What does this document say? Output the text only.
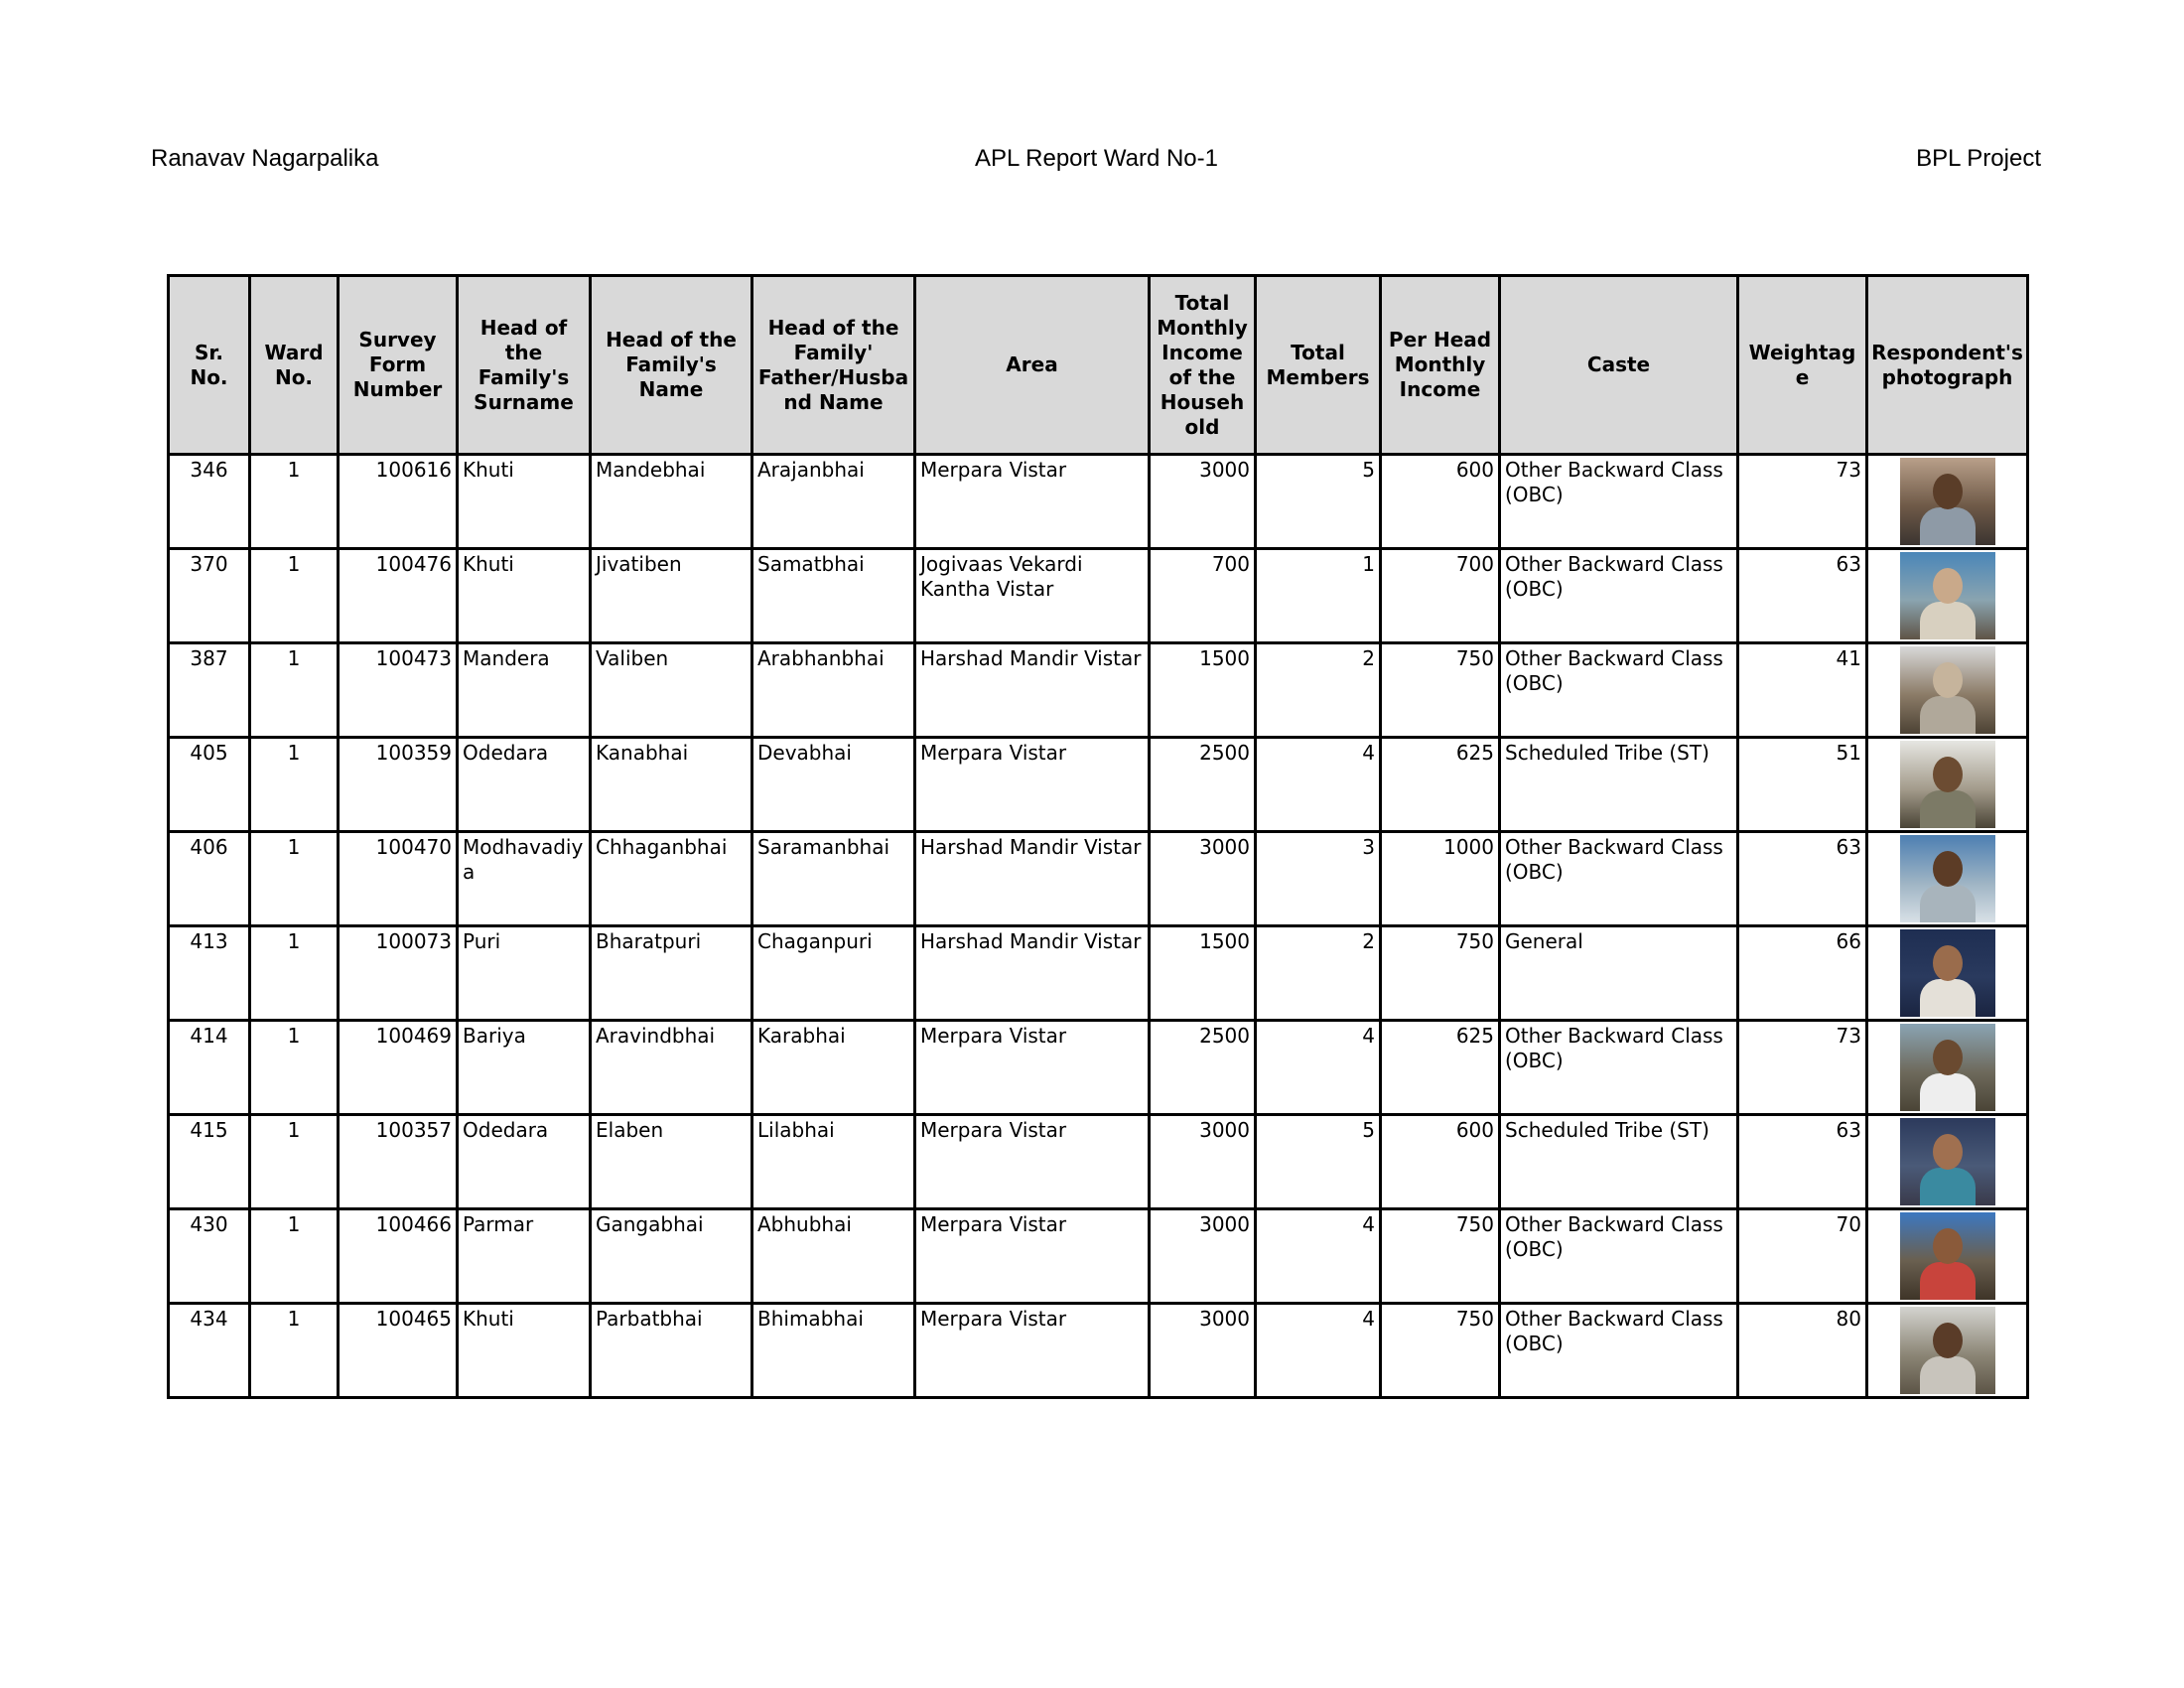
Ranavav Nagarpalika	APL Report Ward No-1	BPL Project
Sr. No.	Ward No.	Survey Form Number	Head of the Family's Surname	Head of the Family's Name	Head of the Family' Father/Husband Name	Area	Total Monthly Income of the Household	Total Members	Per Head Monthly Income	Caste	Weightage	Respondent's photograph
346	1	100616	Khuti	Mandebhai	Arajanbhai	Merpara Vistar	3000	5	600	Other Backward Class (OBC)	73	

370	1	100476	Khuti	Jivatiben	Samatbhai	Jogivaas Vekardi Kantha Vistar	700	1	700	Other Backward Class (OBC)	63	

387	1	100473	Mandera	Valiben	Arabhanbhai	Harshad Mandir Vistar	1500	2	750	Other Backward Class (OBC)	41	

405	1	100359	Odedara	Kanabhai	Devabhai	Merpara Vistar	2500	4	625	Scheduled Tribe (ST)	51	

406	1	100470	Modhavadiya	Chhaganbhai	Saramanbhai	Harshad Mandir Vistar	3000	3	1000	Other Backward Class (OBC)	63	

413	1	100073	Puri	Bharatpuri	Chaganpuri	Harshad Mandir Vistar	1500	2	750	General	66	

414	1	100469	Bariya	Aravindbhai	Karabhai	Merpara Vistar	2500	4	625	Other Backward Class (OBC)	73	

415	1	100357	Odedara	Elaben	Lilabhai	Merpara Vistar	3000	5	600	Scheduled Tribe (ST)	63	

430	1	100466	Parmar	Gangabhai	Abhubhai	Merpara Vistar	3000	4	750	Other Backward Class (OBC)	70	

434	1	100465	Khuti	Parbatbhai	Bhimabhai	Merpara Vistar	3000	4	750	Other Backward Class (OBC)	80	
